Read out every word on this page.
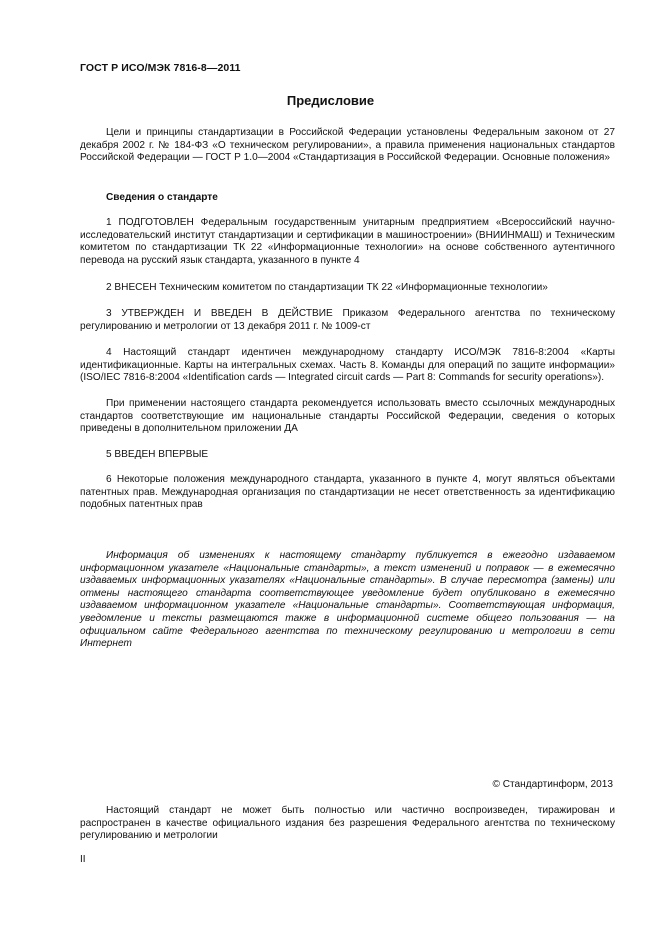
ГОСТ Р ИСО/МЭК 7816-8—2011
Предисловие

Цели и принципы стандартизации в Российской Федерации установлены Федеральным законом от 27 декабря 2002 г. № 184-ФЗ «О техническом регулировании», а правила применения национальных стандартов Российской Федерации — ГОСТ Р 1.0—2004 «Стандартизация в Российской Федерации. Основные положения»

Сведения о стандарте

1 ПОДГОТОВЛЕН Федеральным государственным унитарным предприятием «Всероссийский научно-исследовательский институт стандартизации и сертификации в машиностроении» (ВНИИНМАШ) и Техническим комитетом по стандартизации ТК 22 «Информационные технологии» на основе собственного аутентичного перевода на русский язык стандарта, указанного в пункте 4

2 ВНЕСЕН Техническим комитетом по стандартизации ТК 22 «Информационные технологии»

3 УТВЕРЖДЕН И ВВЕДЕН В ДЕЙСТВИЕ Приказом Федерального агентства по техническому регулированию и метрологии от 13 декабря 2011 г. № 1009-ст

4 Настоящий стандарт идентичен международному стандарту ИСО/МЭК 7816-8:2004 «Карты идентификационные. Карты на интегральных схемах. Часть 8. Команды для операций по защите информации» (ISO/IEC 7816-8:2004 «Identification cards — Integrated circuit cards — Part 8: Commands for security operations»).

При применении настоящего стандарта рекомендуется использовать вместо ссылочных международных стандартов соответствующие им национальные стандарты Российской Федерации, сведения о которых приведены в дополнительном приложении ДА

5 ВВЕДЕН ВПЕРВЫЕ

6 Некоторые положения международного стандарта, указанного в пункте 4, могут являться объектами патентных прав. Международная организация по стандартизации не несет ответственность за идентификацию подобных патентных прав

Информация об изменениях к настоящему стандарту публикуется в ежегодно издаваемом информационном указателе «Национальные стандарты», а текст изменений и поправок — в ежемесячно издаваемых информационных указателях «Национальные стандарты». В случае пересмотра (замены) или отмены настоящего стандарта соответствующее уведомление будет опубликовано в ежемесячно издаваемом информационном указателе «Национальные стандарты». Соответствующая информация, уведомление и тексты размещаются также в информационной системе общего пользования — на официальном сайте Федерального агентства по техническому регулированию и метрологии в сети Интернет

© Стандартинформ, 2013

Настоящий стандарт не может быть полностью или частично воспроизведен, тиражирован и распространен в качестве официального издания без разрешения Федерального агентства по техническому регулированию и метрологии

II
